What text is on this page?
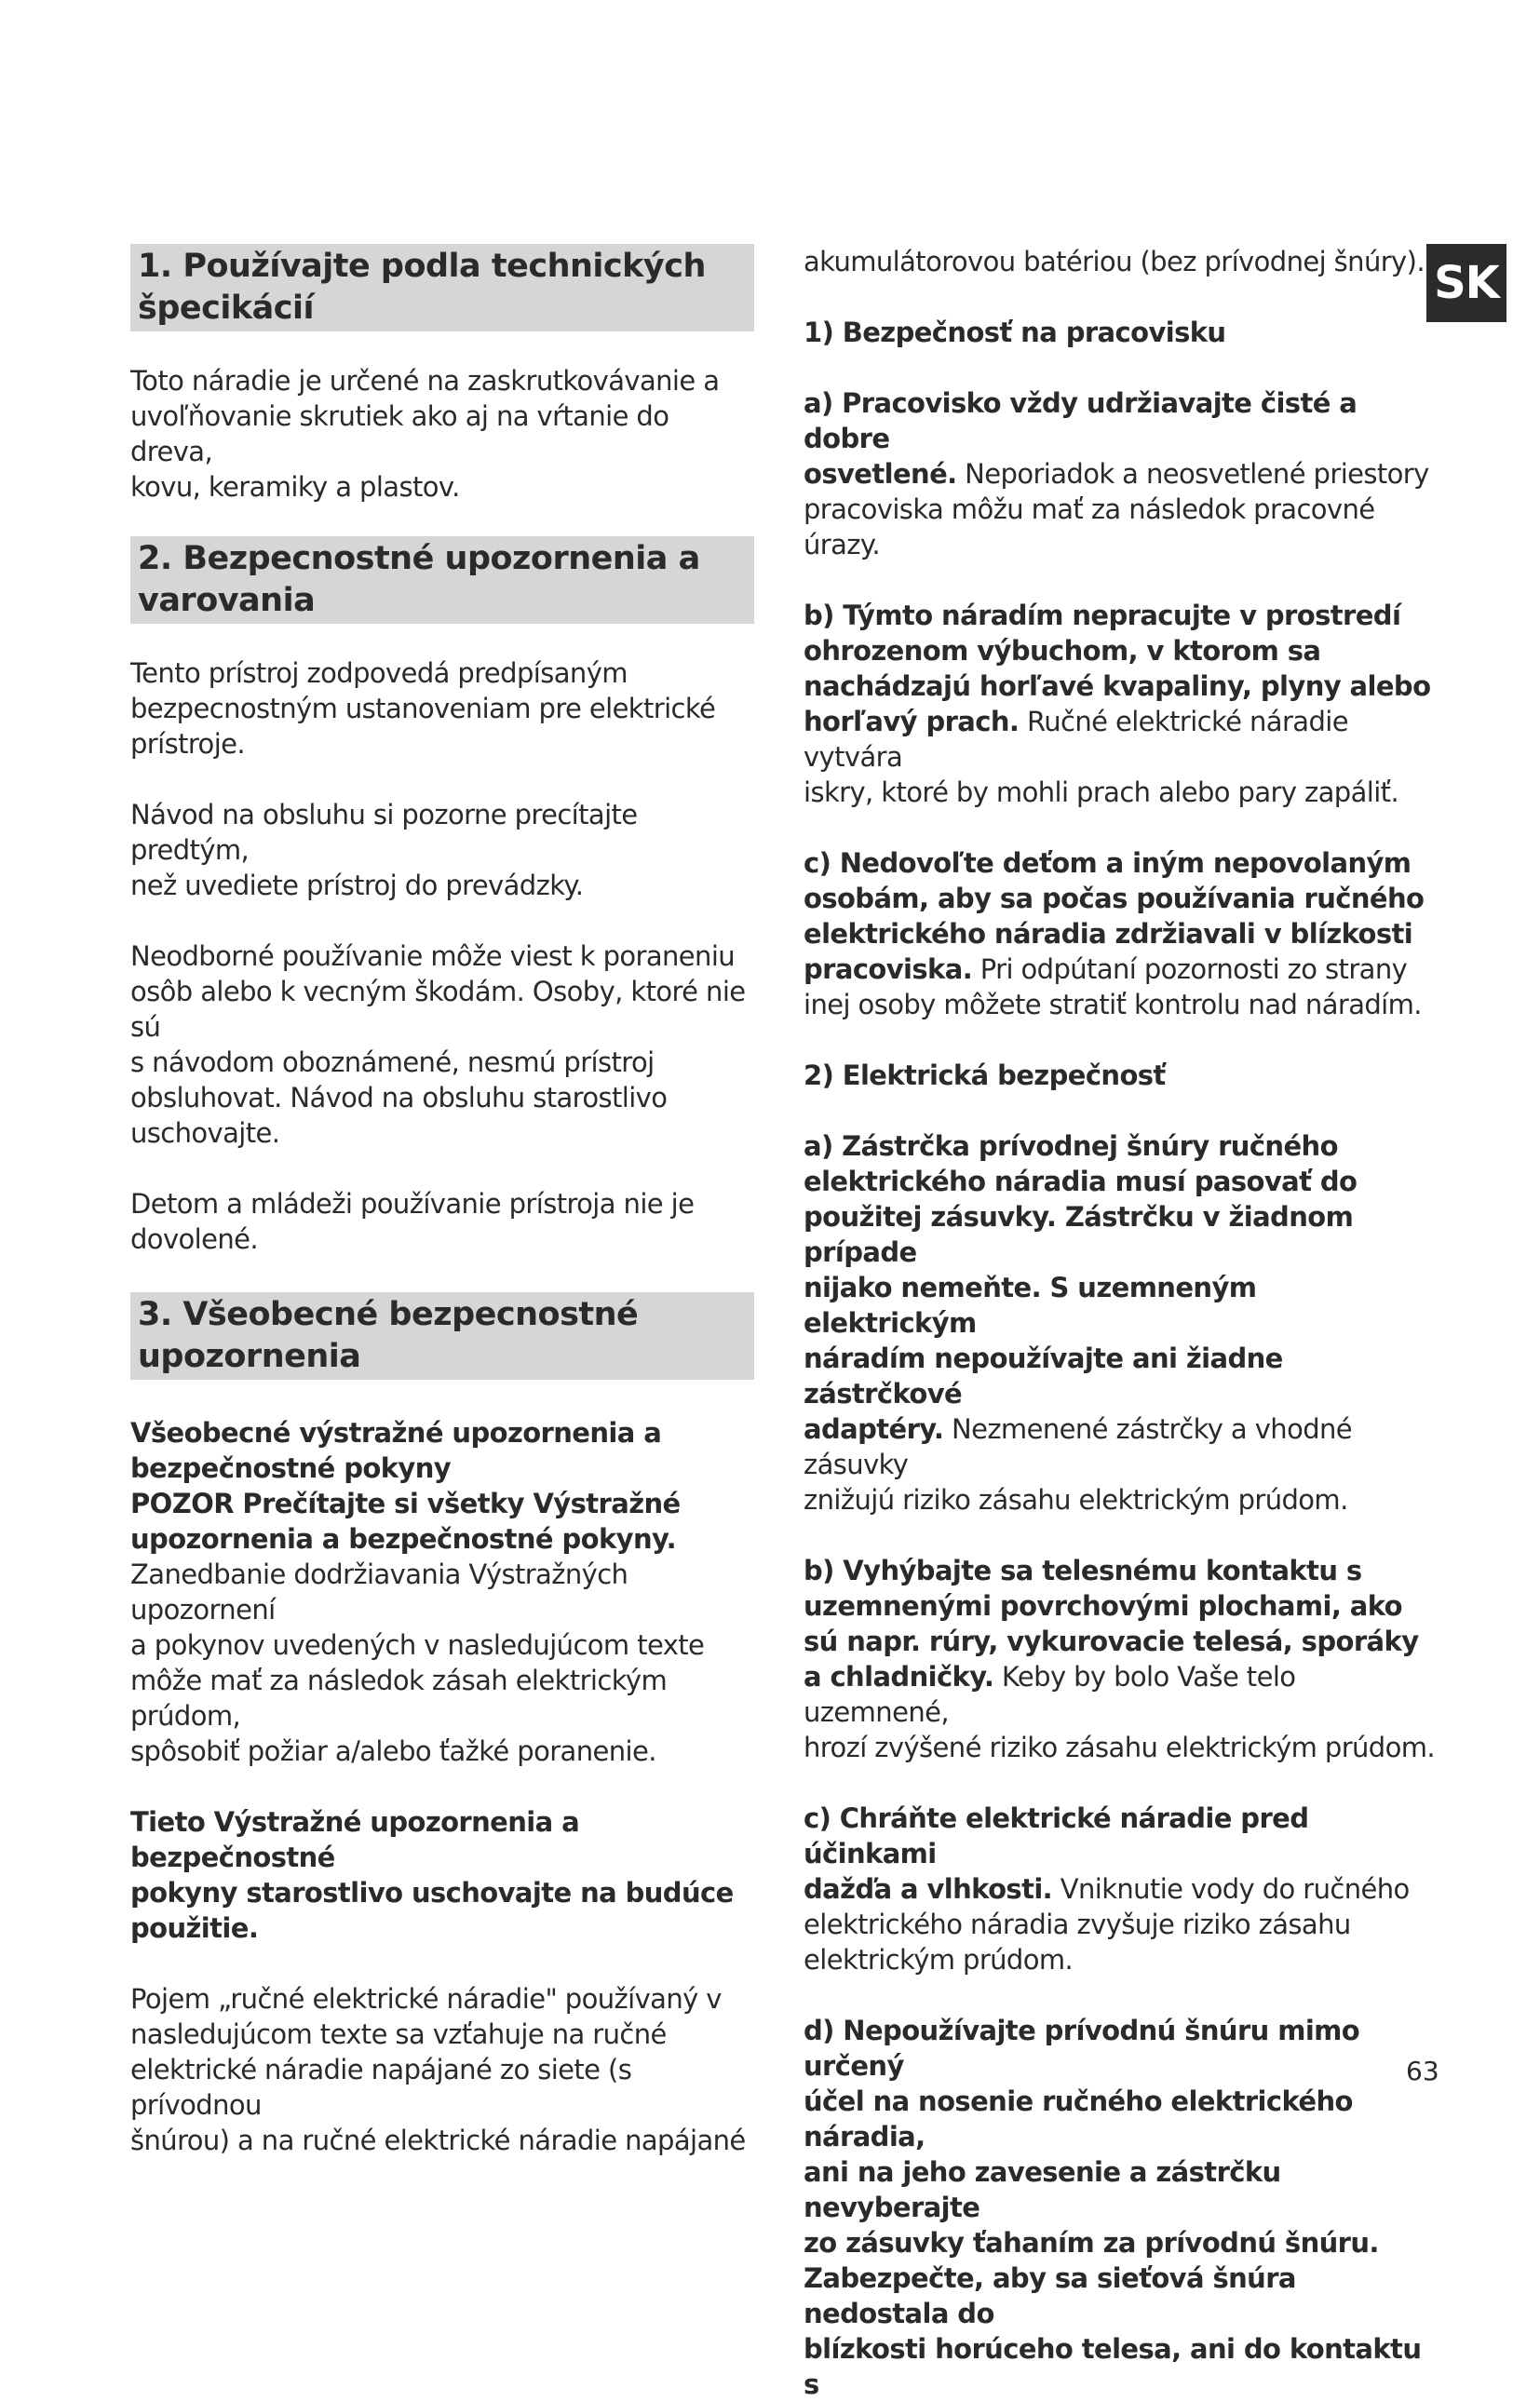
SK
1. Používajte podla technických
špecikácií

Toto náradie je určené na zaskrutkovávanie a
uvoľňovanie skrutiek ako aj na vŕtanie do dreva,
kovu, keramiky a plastov.

2. Bezpecnostné upozornenia a
varovania

Tento prístroj zodpovedá predpísaným
bezpecnostným ustanoveniam pre elektrické
prístroje.

Návod na obsluhu si pozorne precítajte predtým,
než uvediete prístroj do prevádzky.

Neodborné používanie môže viest k poraneniu
osôb alebo k vecným škodám. Osoby, ktoré nie sú
s návodom oboznámené, nesmú prístroj
obsluhovat. Návod na obsluhu starostlivo
uschovajte.

Detom a mládeži používanie prístroja nie je
dovolené.

3. Všeobecné bezpecnostné
upozornenia

Všeobecné výstražné upozornenia a
bezpečnostné pokyny
POZOR Prečítajte si všetky Výstražné
upozornenia a bezpečnostné pokyny.
Zanedbanie dodržiavania Výstražných upozornení
a pokynov uvedených v nasledujúcom texte
môže mať za následok zásah elektrickým prúdom,
spôsobiť požiar a/alebo ťažké poranenie.

Tieto Výstražné upozornenia a bezpečnostné
pokyny starostlivo uschovajte na budúce
použitie.

Pojem „ručné elektrické náradie" používaný v
nasledujúcom texte sa vzťahuje na ručné
elektrické náradie napájané zo siete (s prívodnou
šnúrou) a na ručné elektrické náradie napájané

akumulátorovou batériou (bez prívodnej šnúry).

1) Bezpečnosť na pracovisku

a) Pracovisko vždy udržiavajte čisté a dobre
osvetlené. Neporiadok a neosvetlené priestory
pracoviska môžu mať za následok pracovné úrazy.

b) Týmto náradím nepracujte v prostredí
ohrozenom výbuchom, v ktorom sa
nachádzajú horľavé kvapaliny, plyny alebo
horľavý prach. Ručné elektrické náradie vytvára
iskry, ktoré by mohli prach alebo pary zapáliť.

c) Nedovoľte deťom a iným nepovolaným
osobám, aby sa počas používania ručného
elektrického náradia zdržiavali v blízkosti
pracoviska. Pri odpútaní pozornosti zo strany
inej osoby môžete stratiť kontrolu nad náradím.

2) Elektrická bezpečnosť

a) Zástrčka prívodnej šnúry ručného
elektrického náradia musí pasovať do
použitej zásuvky. Zástrčku v žiadnom prípade
nijako nemeňte. S uzemneným elektrickým
náradím nepoužívajte ani žiadne zástrčkové
adaptéry. Nezmenené zástrčky a vhodné zásuvky
znižujú riziko zásahu elektrickým prúdom.

b) Vyhýbajte sa telesnému kontaktu s
uzemnenými povrchovými plochami, ako
sú napr. rúry, vykurovacie telesá, sporáky
a chladničky. Keby by bolo Vaše telo uzemnené,
hrozí zvýšené riziko zásahu elektrickým prúdom.

c) Chráňte elektrické náradie pred účinkami
dažďa a vlhkosti. Vniknutie vody do ručného
elektrického náradia zvyšuje riziko zásahu
elektrickým prúdom.

d) Nepoužívajte prívodnú šnúru mimo určený
účel na nosenie ručného elektrického náradia,
ani na jeho zavesenie a zástrčku nevyberajte
zo zásuvky ťahaním za prívodnú šnúru.
Zabezpečte, aby sa sieťová šnúra nedostala do
blízkosti horúceho telesa, ani do kontaktu s

63
